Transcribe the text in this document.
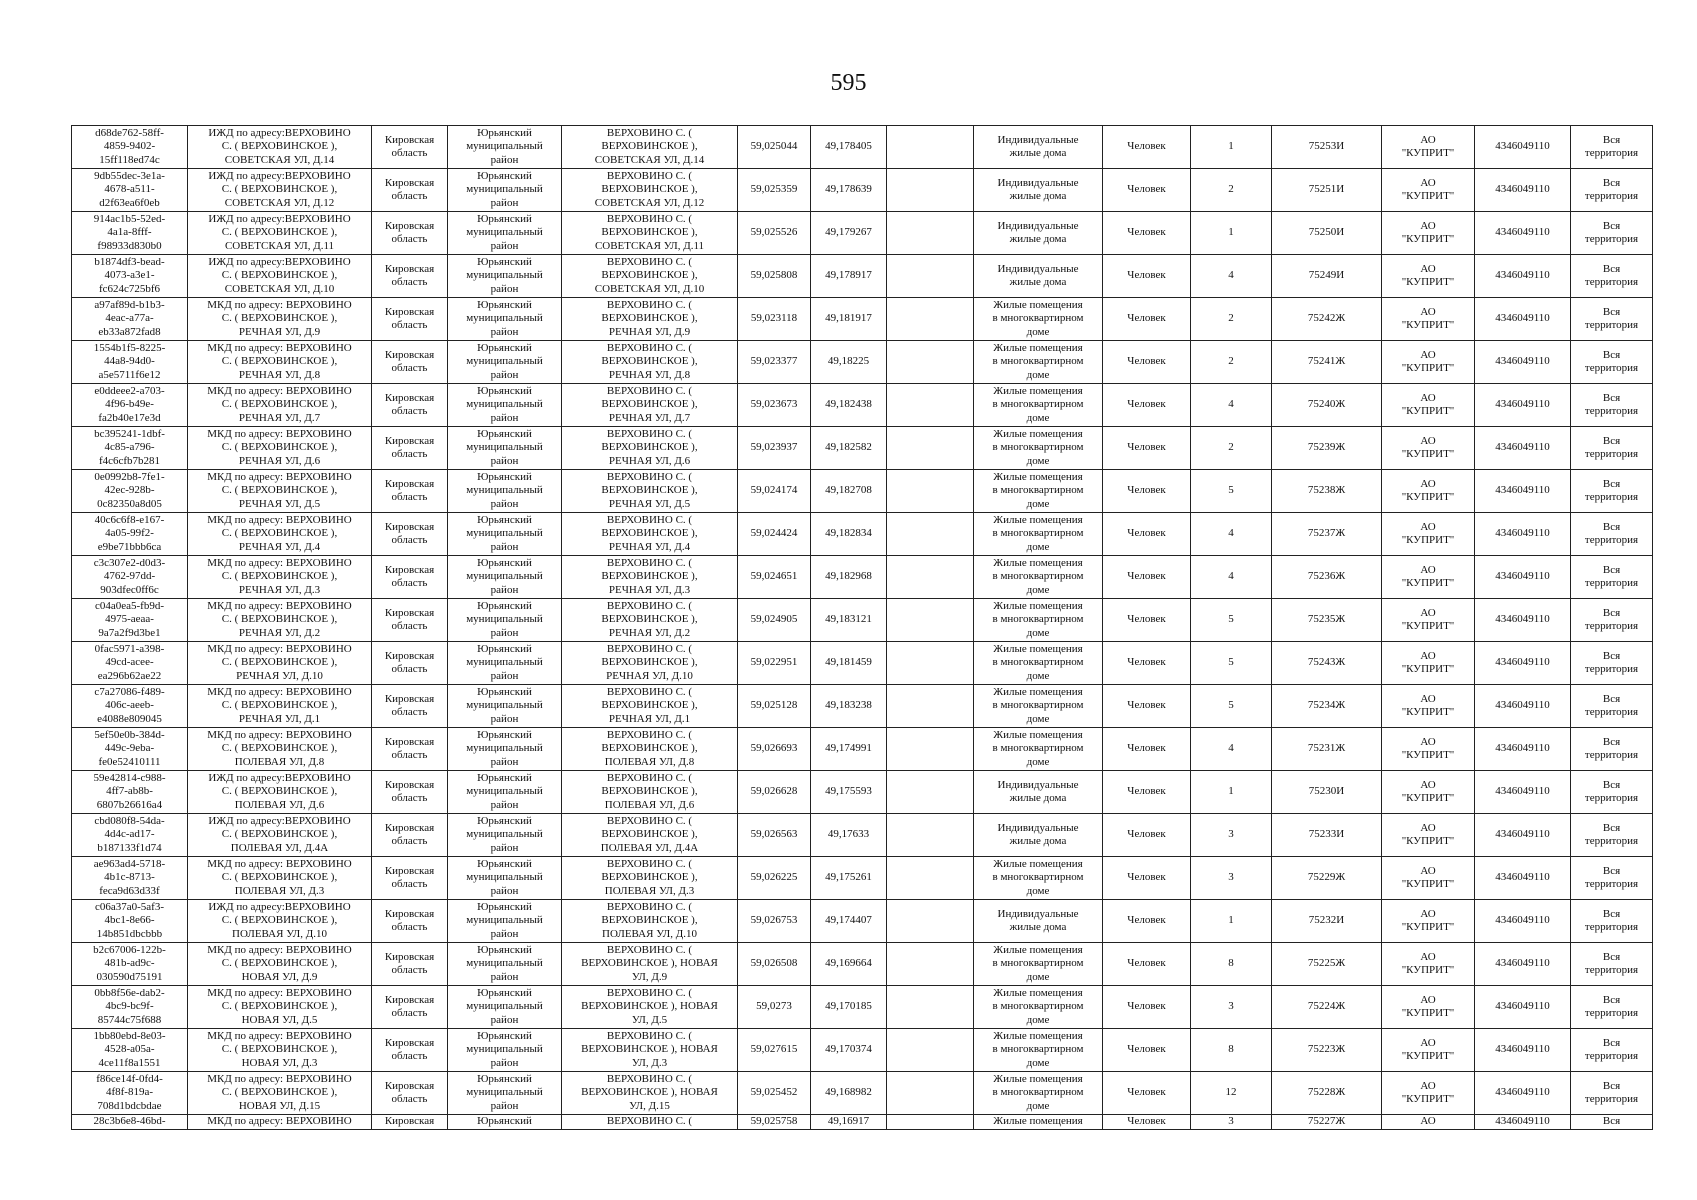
595
d68de762-58ff-
4859-9402-
15ff118ed74c	ИЖД по адресу:ВЕРХОВИНО
С. ( ВЕРХОВИНСКОЕ ),
СОВЕТСКАЯ УЛ, Д.14	Кировская
область	Юрьянский
муниципальный
район	ВЕРХОВИНО С. (
ВЕРХОВИНСКОЕ ),
СОВЕТСКАЯ УЛ, Д.14	59,025044	49,178405		Индивидуальные
жилые дома	Человек	1	75253И	АО
"КУПРИТ"	4346049110	Вся
территория
9db55dec-3e1a-
4678-a511-
d2f63ea6f0eb	ИЖД по адресу:ВЕРХОВИНО
С. ( ВЕРХОВИНСКОЕ ),
СОВЕТСКАЯ УЛ, Д.12	Кировская
область	Юрьянский
муниципальный
район	ВЕРХОВИНО С. (
ВЕРХОВИНСКОЕ ),
СОВЕТСКАЯ УЛ, Д.12	59,025359	49,178639		Индивидуальные
жилые дома	Человек	2	75251И	АО
"КУПРИТ"	4346049110	Вся
территория
914ac1b5-52ed-
4a1a-8fff-
f98933d830b0	ИЖД по адресу:ВЕРХОВИНО
С. ( ВЕРХОВИНСКОЕ ),
СОВЕТСКАЯ УЛ, Д.11	Кировская
область	Юрьянский
муниципальный
район	ВЕРХОВИНО С. (
ВЕРХОВИНСКОЕ ),
СОВЕТСКАЯ УЛ, Д.11	59,025526	49,179267		Индивидуальные
жилые дома	Человек	1	75250И	АО
"КУПРИТ"	4346049110	Вся
территория
b1874df3-bead-
4073-a3e1-
fc624c725bf6	ИЖД по адресу:ВЕРХОВИНО
С. ( ВЕРХОВИНСКОЕ ),
СОВЕТСКАЯ УЛ, Д.10	Кировская
область	Юрьянский
муниципальный
район	ВЕРХОВИНО С. (
ВЕРХОВИНСКОЕ ),
СОВЕТСКАЯ УЛ, Д.10	59,025808	49,178917		Индивидуальные
жилые дома	Человек	4	75249И	АО
"КУПРИТ"	4346049110	Вся
территория
a97af89d-b1b3-
4eac-a77a-
eb33a872fad8	МКД по адресу: ВЕРХОВИНО
С. ( ВЕРХОВИНСКОЕ ),
РЕЧНАЯ УЛ, Д.9	Кировская
область	Юрьянский
муниципальный
район	ВЕРХОВИНО С. (
ВЕРХОВИНСКОЕ ),
РЕЧНАЯ УЛ, Д.9	59,023118	49,181917		Жилые помещения
в многоквартирном
доме	Человек	2	75242Ж	АО
"КУПРИТ"	4346049110	Вся
территория
1554b1f5-8225-
44a8-94d0-
a5e5711f6e12	МКД по адресу: ВЕРХОВИНО
С. ( ВЕРХОВИНСКОЕ ),
РЕЧНАЯ УЛ, Д.8	Кировская
область	Юрьянский
муниципальный
район	ВЕРХОВИНО С. (
ВЕРХОВИНСКОЕ ),
РЕЧНАЯ УЛ, Д.8	59,023377	49,18225		Жилые помещения
в многоквартирном
доме	Человек	2	75241Ж	АО
"КУПРИТ"	4346049110	Вся
территория
e0ddeee2-a703-
4f96-b49e-
fa2b40e17e3d	МКД по адресу: ВЕРХОВИНО
С. ( ВЕРХОВИНСКОЕ ),
РЕЧНАЯ УЛ, Д.7	Кировская
область	Юрьянский
муниципальный
район	ВЕРХОВИНО С. (
ВЕРХОВИНСКОЕ ),
РЕЧНАЯ УЛ, Д.7	59,023673	49,182438		Жилые помещения
в многоквартирном
доме	Человек	4	75240Ж	АО
"КУПРИТ"	4346049110	Вся
территория
bc395241-1dbf-
4c85-a796-
f4c6cfb7b281	МКД по адресу: ВЕРХОВИНО
С. ( ВЕРХОВИНСКОЕ ),
РЕЧНАЯ УЛ, Д.6	Кировская
область	Юрьянский
муниципальный
район	ВЕРХОВИНО С. (
ВЕРХОВИНСКОЕ ),
РЕЧНАЯ УЛ, Д.6	59,023937	49,182582		Жилые помещения
в многоквартирном
доме	Человек	2	75239Ж	АО
"КУПРИТ"	4346049110	Вся
территория
0e0992b8-7fe1-
42ec-928b-
0c82350a8d05	МКД по адресу: ВЕРХОВИНО
С. ( ВЕРХОВИНСКОЕ ),
РЕЧНАЯ УЛ, Д.5	Кировская
область	Юрьянский
муниципальный
район	ВЕРХОВИНО С. (
ВЕРХОВИНСКОЕ ),
РЕЧНАЯ УЛ, Д.5	59,024174	49,182708		Жилые помещения
в многоквартирном
доме	Человек	5	75238Ж	АО
"КУПРИТ"	4346049110	Вся
территория
40c6c6f8-e167-
4a05-99f2-
e9be71bbb6ca	МКД по адресу: ВЕРХОВИНО
С. ( ВЕРХОВИНСКОЕ ),
РЕЧНАЯ УЛ, Д.4	Кировская
область	Юрьянский
муниципальный
район	ВЕРХОВИНО С. (
ВЕРХОВИНСКОЕ ),
РЕЧНАЯ УЛ, Д.4	59,024424	49,182834		Жилые помещения
в многоквартирном
доме	Человек	4	75237Ж	АО
"КУПРИТ"	4346049110	Вся
территория
c3c307e2-d0d3-
4762-97dd-
903dfec0ff6c	МКД по адресу: ВЕРХОВИНО
С. ( ВЕРХОВИНСКОЕ ),
РЕЧНАЯ УЛ, Д.3	Кировская
область	Юрьянский
муниципальный
район	ВЕРХОВИНО С. (
ВЕРХОВИНСКОЕ ),
РЕЧНАЯ УЛ, Д.3	59,024651	49,182968		Жилые помещения
в многоквартирном
доме	Человек	4	75236Ж	АО
"КУПРИТ"	4346049110	Вся
территория
c04a0ea5-fb9d-
4975-aeaa-
9a7a2f9d3be1	МКД по адресу: ВЕРХОВИНО
С. ( ВЕРХОВИНСКОЕ ),
РЕЧНАЯ УЛ, Д.2	Кировская
область	Юрьянский
муниципальный
район	ВЕРХОВИНО С. (
ВЕРХОВИНСКОЕ ),
РЕЧНАЯ УЛ, Д.2	59,024905	49,183121		Жилые помещения
в многоквартирном
доме	Человек	5	75235Ж	АО
"КУПРИТ"	4346049110	Вся
территория
0fac5971-a398-
49cd-acee-
ea296b62ae22	МКД по адресу: ВЕРХОВИНО
С. ( ВЕРХОВИНСКОЕ ),
РЕЧНАЯ УЛ, Д.10	Кировская
область	Юрьянский
муниципальный
район	ВЕРХОВИНО С. (
ВЕРХОВИНСКОЕ ),
РЕЧНАЯ УЛ, Д.10	59,022951	49,181459		Жилые помещения
в многоквартирном
доме	Человек	5	75243Ж	АО
"КУПРИТ"	4346049110	Вся
территория
c7a27086-f489-
406c-aeeb-
e4088e809045	МКД по адресу: ВЕРХОВИНО
С. ( ВЕРХОВИНСКОЕ ),
РЕЧНАЯ УЛ, Д.1	Кировская
область	Юрьянский
муниципальный
район	ВЕРХОВИНО С. (
ВЕРХОВИНСКОЕ ),
РЕЧНАЯ УЛ, Д.1	59,025128	49,183238		Жилые помещения
в многоквартирном
доме	Человек	5	75234Ж	АО
"КУПРИТ"	4346049110	Вся
территория
5ef50e0b-384d-
449c-9eba-
fe0e52410111	МКД по адресу: ВЕРХОВИНО
С. ( ВЕРХОВИНСКОЕ ),
ПОЛЕВАЯ УЛ, Д.8	Кировская
область	Юрьянский
муниципальный
район	ВЕРХОВИНО С. (
ВЕРХОВИНСКОЕ ),
ПОЛЕВАЯ УЛ, Д.8	59,026693	49,174991		Жилые помещения
в многоквартирном
доме	Человек	4	75231Ж	АО
"КУПРИТ"	4346049110	Вся
территория
59e42814-c988-
4ff7-ab8b-
6807b26616a4	ИЖД по адресу:ВЕРХОВИНО
С. ( ВЕРХОВИНСКОЕ ),
ПОЛЕВАЯ УЛ, Д.6	Кировская
область	Юрьянский
муниципальный
район	ВЕРХОВИНО С. (
ВЕРХОВИНСКОЕ ),
ПОЛЕВАЯ УЛ, Д.6	59,026628	49,175593		Индивидуальные
жилые дома	Человек	1	75230И	АО
"КУПРИТ"	4346049110	Вся
территория
cbd080f8-54da-
4d4c-ad17-
b187133f1d74	ИЖД по адресу:ВЕРХОВИНО
С. ( ВЕРХОВИНСКОЕ ),
ПОЛЕВАЯ УЛ, Д.4А	Кировская
область	Юрьянский
муниципальный
район	ВЕРХОВИНО С. (
ВЕРХОВИНСКОЕ ),
ПОЛЕВАЯ УЛ, Д.4А	59,026563	49,17633		Индивидуальные
жилые дома	Человек	3	75233И	АО
"КУПРИТ"	4346049110	Вся
территория
ae963ad4-5718-
4b1c-8713-
feca9d63d33f	МКД по адресу: ВЕРХОВИНО
С. ( ВЕРХОВИНСКОЕ ),
ПОЛЕВАЯ УЛ, Д.3	Кировская
область	Юрьянский
муниципальный
район	ВЕРХОВИНО С. (
ВЕРХОВИНСКОЕ ),
ПОЛЕВАЯ УЛ, Д.3	59,026225	49,175261		Жилые помещения
в многоквартирном
доме	Человек	3	75229Ж	АО
"КУПРИТ"	4346049110	Вся
территория
c06a37a0-5af3-
4bc1-8e66-
14b851dbcbbb	ИЖД по адресу:ВЕРХОВИНО
С. ( ВЕРХОВИНСКОЕ ),
ПОЛЕВАЯ УЛ, Д.10	Кировская
область	Юрьянский
муниципальный
район	ВЕРХОВИНО С. (
ВЕРХОВИНСКОЕ ),
ПОЛЕВАЯ УЛ, Д.10	59,026753	49,174407		Индивидуальные
жилые дома	Человек	1	75232И	АО
"КУПРИТ"	4346049110	Вся
территория
b2c67006-122b-
481b-ad9c-
030590d75191	МКД по адресу: ВЕРХОВИНО
С. ( ВЕРХОВИНСКОЕ ),
НОВАЯ УЛ, Д.9	Кировская
область	Юрьянский
муниципальный
район	ВЕРХОВИНО С. (
ВЕРХОВИНСКОЕ ), НОВАЯ
УЛ, Д.9	59,026508	49,169664		Жилые помещения
в многоквартирном
доме	Человек	8	75225Ж	АО
"КУПРИТ"	4346049110	Вся
территория
0bb8f56e-dab2-
4bc9-bc9f-
85744c75f688	МКД по адресу: ВЕРХОВИНО
С. ( ВЕРХОВИНСКОЕ ),
НОВАЯ УЛ, Д.5	Кировская
область	Юрьянский
муниципальный
район	ВЕРХОВИНО С. (
ВЕРХОВИНСКОЕ ), НОВАЯ
УЛ, Д.5	59,0273	49,170185		Жилые помещения
в многоквартирном
доме	Человек	3	75224Ж	АО
"КУПРИТ"	4346049110	Вся
территория
1bb80ebd-8e03-
4528-a05a-
4ce11f8a1551	МКД по адресу: ВЕРХОВИНО
С. ( ВЕРХОВИНСКОЕ ),
НОВАЯ УЛ, Д.3	Кировская
область	Юрьянский
муниципальный
район	ВЕРХОВИНО С. (
ВЕРХОВИНСКОЕ ), НОВАЯ
УЛ, Д.3	59,027615	49,170374		Жилые помещения
в многоквартирном
доме	Человек	8	75223Ж	АО
"КУПРИТ"	4346049110	Вся
территория
f86ce14f-0fd4-
4f8f-819a-
708d1bdcbdae	МКД по адресу: ВЕРХОВИНО
С. ( ВЕРХОВИНСКОЕ ),
НОВАЯ УЛ, Д.15	Кировская
область	Юрьянский
муниципальный
район	ВЕРХОВИНО С. (
ВЕРХОВИНСКОЕ ), НОВАЯ
УЛ, Д.15	59,025452	49,168982		Жилые помещения
в многоквартирном
доме	Человек	12	75228Ж	АО
"КУПРИТ"	4346049110	Вся
территория
28c3b6e8-46bd-	МКД по адресу: ВЕРХОВИНО	Кировская	Юрьянский	ВЕРХОВИНО С. (	59,025758	49,16917		Жилые помещения	Человек	3	75227Ж	АО	4346049110	Вся
